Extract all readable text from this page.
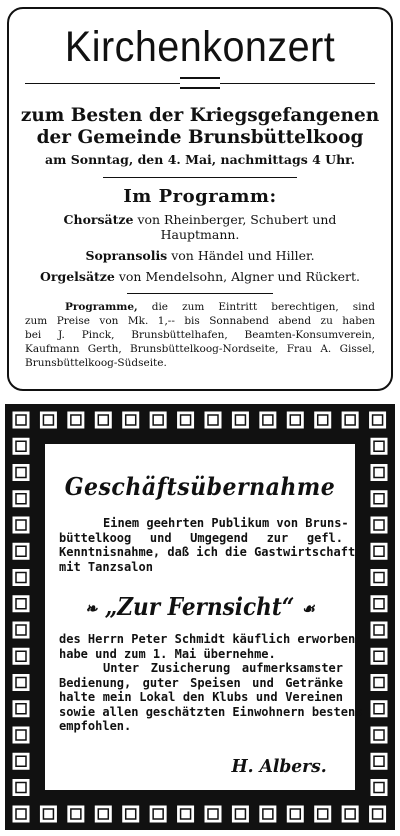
Kirchenkonzert
zum Besten der Kriegsgefangenen
der Gemeinde Brunsbüttelkoog
am Sonntag, den 4. Mai, nachmittags 4 Uhr.
Im Programm:
Chorsätze von Rheinberger, Schubert und
Hauptmann.
Sopransolis von Händel und Hiller.
Orgelsätze von Mendelsohn, Algner und Rückert.
Programme, die zum Eintritt berechtigen, sind
zum Preise von Mk. 1,-- bis Sonnabend abend zu haben
bei J. Pinck, Brunsbüttelhafen, Beamten-Konsumverein,
Kaufmann Gerth, Brunsbüttelkoog-Nordseite, Frau A. Gissel,
Brunsbüttelkoog-Südseite.
Geschäftsübernahme
Einem geehrten Publikum von Bruns-
büttelkoog und Umgegend zur gefl.
Kenntnisnahme, daß ich die Gastwirtschaft
mit Tanzsalon
❧ „Zur Fernsicht“ ☙
des Herrn Peter Schmidt käuflich erworben
habe und zum 1. Mai übernehme.
Unter Zusicherung aufmerksamster
Bedienung, guter Speisen und Getränke
halte mein Lokal den Klubs und Vereinen
sowie allen geschätzten Einwohnern bestens
empfohlen.
H. Albers.
